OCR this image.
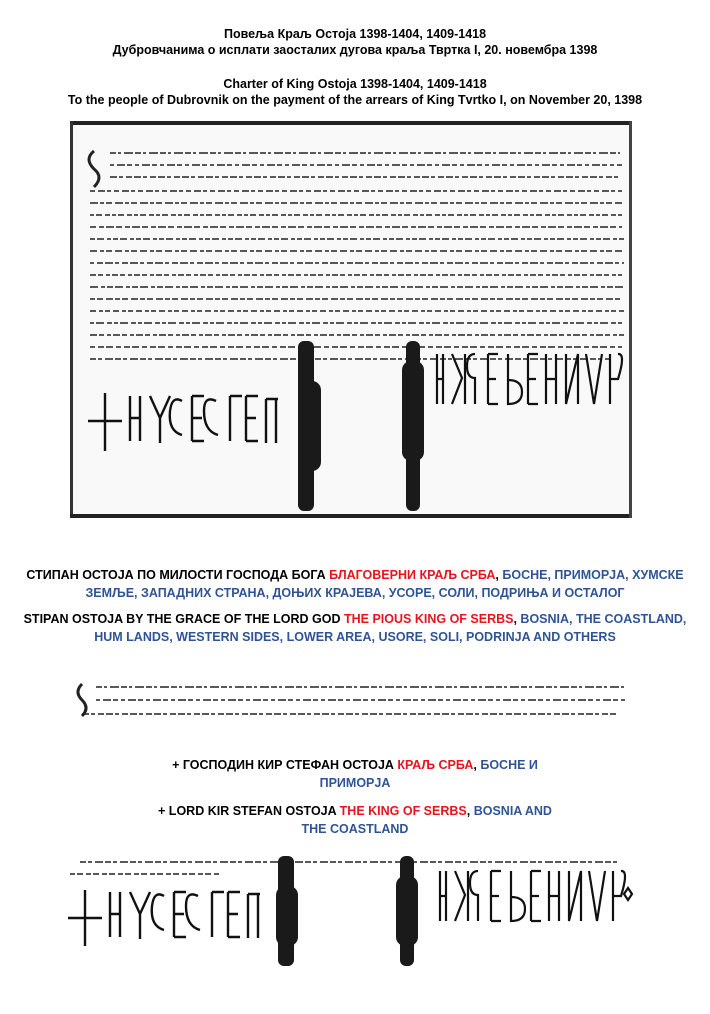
Повеља Краљ Остоја 1398-1404, 1409-1418
Дубровчанима о исплати заосталих дугова краља Твртка I, 20. новембра 1398
Charter of King Ostoja 1398-1404, 1409-1418
To the people of Dubrovnik on the payment of the arrears of King Tvrtko I, on November 20, 1398
СТИПАН ОСТОЈА ПО МИЛОСТИ ГОСПОДА БОГА БЛАГОВЕРНИ КРАЉ СРБА, БОСНЕ, ПРИМОРЈА, ХУМСКЕ ЗЕМЉЕ, ЗАПАДНИХ СТРАНА, ДОЊИХ КРАЈЕВА, УСОРЕ, СОЛИ, ПОДРИЊА И ОСТАЛОГ
STIPAN OSTOJA BY THE GRACE OF THE LORD GOD THE PIOUS KING OF SERBS, BOSNIA, THE COASTLAND, HUM LANDS, WESTERN SIDES, LOWER AREA, USORE, SOLI, PODRINJA AND OTHERS
+ ГОСПОДИН КИР СТЕФАН ОСТОЈА КРАЉ СРБА, БОСНЕ И ПРИМОРЈА
+ LORD KIR STEFAN OSTOJA THE KING OF SERBS, BOSNIA AND THE COASTLAND
